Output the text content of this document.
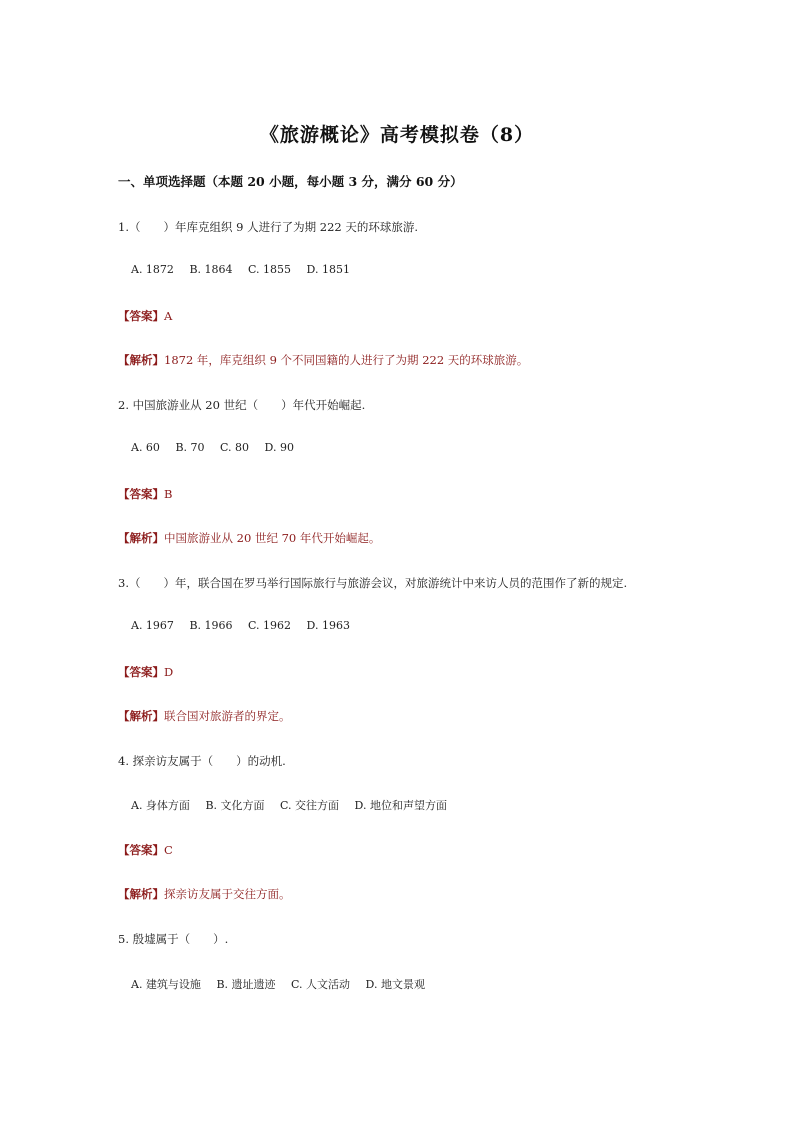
《旅游概论》高考模拟卷（8）
一、单项选择题（本题 20 小题，每小题 3 分，满分 60 分）
1.（　　）年库克组织 9 人进行了为期 222 天的环球旅游.
A. 1872 B. 1864 C. 1855 D. 1851
【答案】A
【解析】1872 年，库克组织 9 个不同国籍的人进行了为期 222 天的环球旅游。
2. 中国旅游业从 20 世纪（　　）年代开始崛起.
A. 60 B. 70 C. 80 D. 90
【答案】B
【解析】中国旅游业从 20 世纪 70 年代开始崛起。
3.（　　）年，联合国在罗马举行国际旅行与旅游会议，对旅游统计中来访人员的范围作了新的规定.
A. 1967 B. 1966 C. 1962 D. 1963
【答案】D
【解析】联合国对旅游者的界定。
4. 探亲访友属于（　　）的动机.
A. 身体方面 B. 文化方面 C. 交往方面 D. 地位和声望方面
【答案】C
【解析】探亲访友属于交往方面。
5. 殷墟属于（　　）.
A. 建筑与设施 B. 遗址遗迹 C. 人文活动 D. 地文景观
